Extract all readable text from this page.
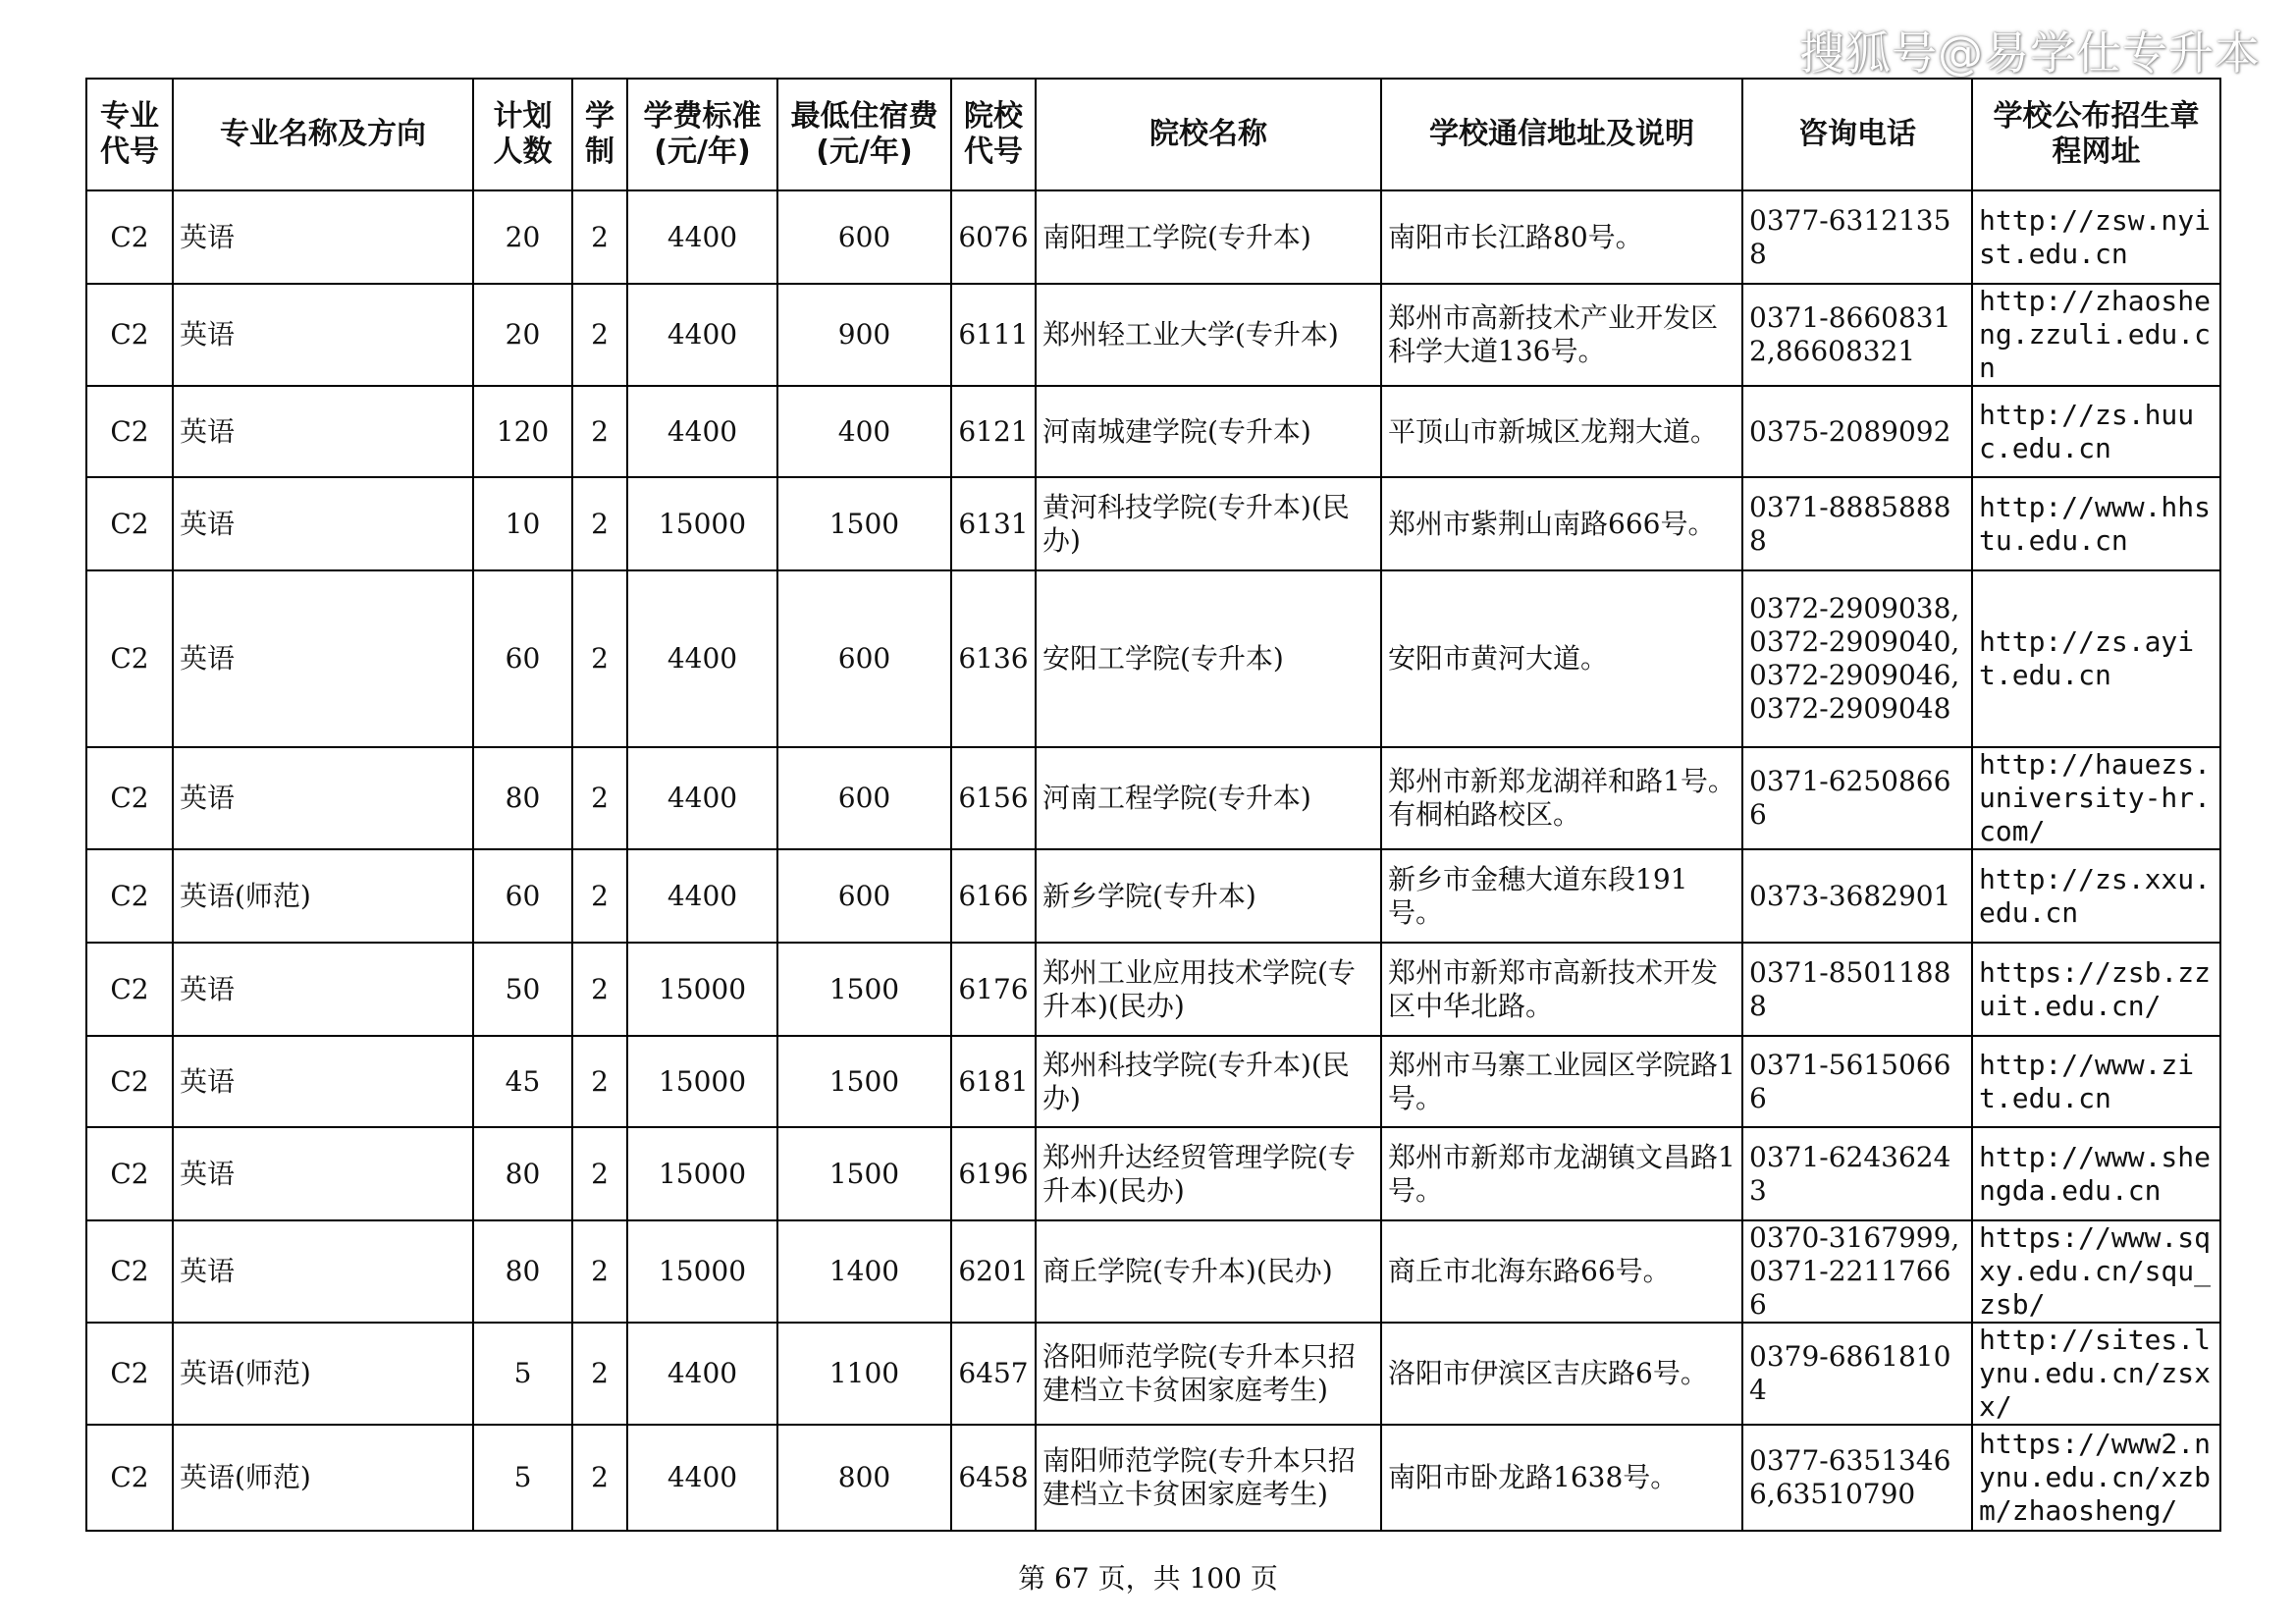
搜狐号@易学仕专升本
专业代号	专业名称及方向	计划人数	学制	学费标准(元/年)	最低住宿费(元/年)	院校代号	院校名称	学校通信地址及说明	咨询电话	学校公布招生章程网址
C2	英语	20	2	4400	600	6076	南阳理工学院(专升本)	南阳市长江路80号。	0377-63121358	http://zsw.nyist.edu.cn
C2	英语	20	2	4400	900	6111	郑州轻工业大学(专升本)	郑州市高新技术产业开发区科学大道136号。	0371-86608312,86608321	http://zhaosheng.zzuli.edu.cn
C2	英语	120	2	4400	400	6121	河南城建学院(专升本)	平顶山市新城区龙翔大道。	0375-2089092	http://zs.huuc.edu.cn
C2	英语	10	2	15000	1500	6131	黄河科技学院(专升本)(民办)	郑州市紫荆山南路666号。	0371-88858888	http://www.hhstu.edu.cn
C2	英语	60	2	4400	600	6136	安阳工学院(专升本)	安阳市黄河大道。	0372-2909038,0372-2909040,0372-2909046,0372-2909048	http://zs.ayit.edu.cn
C2	英语	80	2	4400	600	6156	河南工程学院(专升本)	郑州市新郑龙湖祥和路1号。有桐柏路校区。	0371-62508666	http://hauezs.university-hr.com/
C2	英语(师范)	60	2	4400	600	6166	新乡学院(专升本)	新乡市金穗大道东段191号。	0373-3682901	http://zs.xxu.edu.cn
C2	英语	50	2	15000	1500	6176	郑州工业应用技术学院(专升本)(民办)	郑州市新郑市高新技术开发区中华北路。	0371-85011888	https://zsb.zzuit.edu.cn/
C2	英语	45	2	15000	1500	6181	郑州科技学院(专升本)(民办)	郑州市马寨工业园区学院路1号。	0371-56150666	http://www.zit.edu.cn
C2	英语	80	2	15000	1500	6196	郑州升达经贸管理学院(专升本)(民办)	郑州市新郑市龙湖镇文昌路1号。	0371-62436243	http://www.shengda.edu.cn
C2	英语	80	2	15000	1400	6201	商丘学院(专升本)(民办)	商丘市北海东路66号。	0370-3167999,0371-22117666	https://www.sqxy.edu.cn/squ_zsb/
C2	英语(师范)	5	2	4400	1100	6457	洛阳师范学院(专升本只招建档立卡贫困家庭考生)	洛阳市伊滨区吉庆路6号。	0379-68618104	http://sites.lynu.edu.cn/zsxx/
C2	英语(师范)	5	2	4400	800	6458	南阳师范学院(专升本只招建档立卡贫困家庭考生)	南阳市卧龙路1638号。	0377-63513466,63510790	https://www2.nynu.edu.cn/xzbm/zhaosheng/
第 67 页，共 100 页
